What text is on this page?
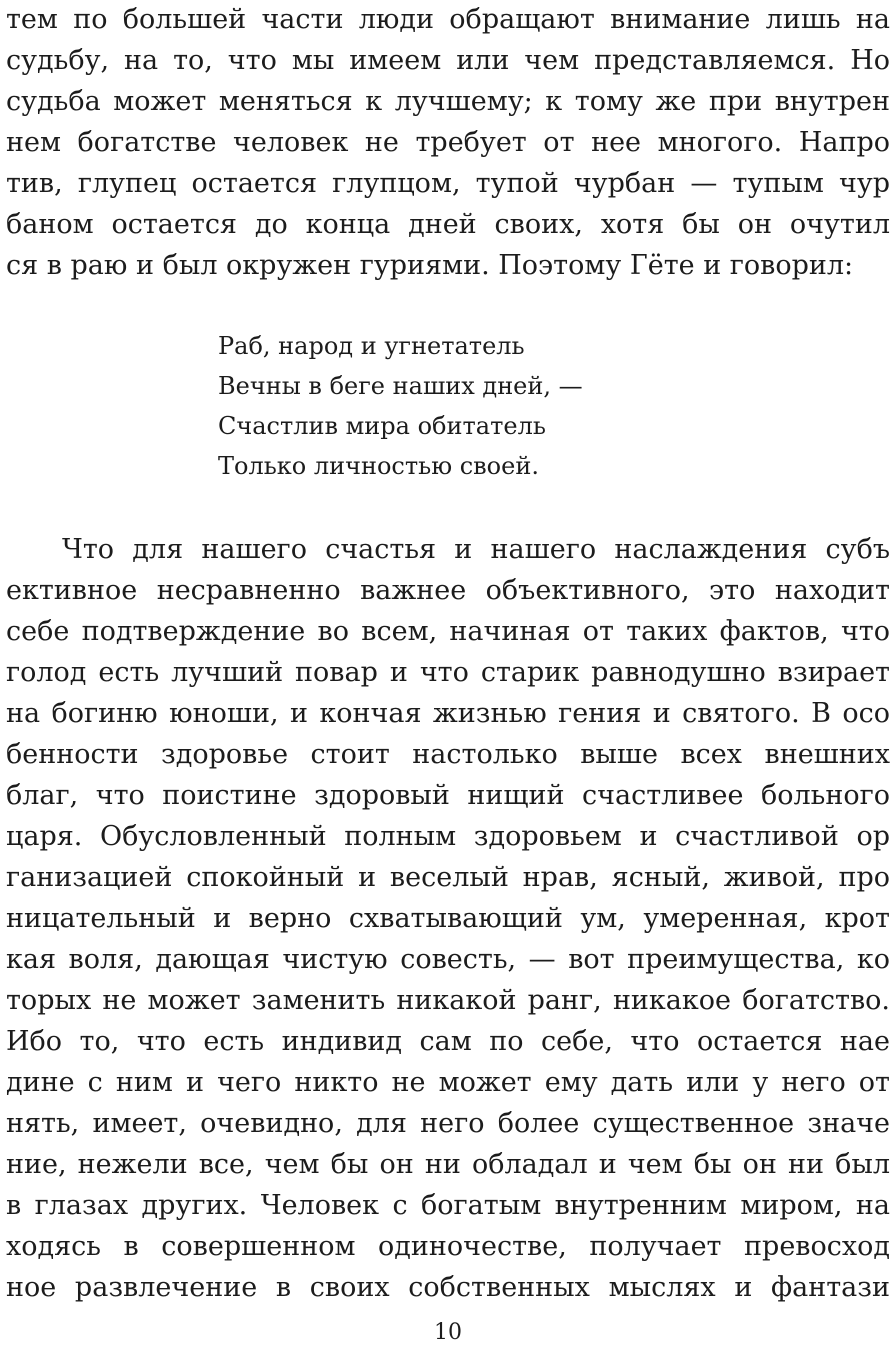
тем по большей части люди обращают внимание лишь на
судьбу, на то, что мы имеем или чем представляемся. Но
судьба может меняться к лучшему; к тому же при внутрен
нем богатстве человек не требует от нее многого. Напро
тив, глупец остается глупцом, тупой чурбан — тупым чур
баном остается до конца дней своих, хотя бы он очутил
ся в раю и был окружен гуриями. Поэтому Гёте и говорил:
Раб, народ и угнетатель
Вечны в беге наших дней, —
Счастлив мира обитатель
Только личностью своей.
Что для нашего счастья и нашего наслаждения субъ
ективное несравненно важнее объективного, это находит
себе подтверждение во всем, начиная от таких фактов, что
голод есть лучший повар и что старик равнодушно взирает
на богиню юноши, и кончая жизнью гения и святого. В осо
бенности здоровье стоит настолько выше всех внешних
благ, что поистине здоровый нищий счастливее больного
царя. Обусловленный полным здоровьем и счастливой ор
ганизацией спокойный и веселый нрав, ясный, живой, про
ницательный и верно схватывающий ум, умеренная, крот
кая воля, дающая чистую совесть, — вот преимущества, ко
торых не может заменить никакой ранг, никакое богатство.
Ибо то, что есть индивид сам по себе, что остается нае
дине с ним и чего никто не может ему дать или у него от
нять, имеет, очевидно, для него более существенное значе
ние, нежели все, чем бы он ни обладал и чем бы он ни был
в глазах других. Человек с богатым внутренним миром, на
ходясь в совершенном одиночестве, получает превосход
ное развлечение в своих собственных мыслях и фантази
10
